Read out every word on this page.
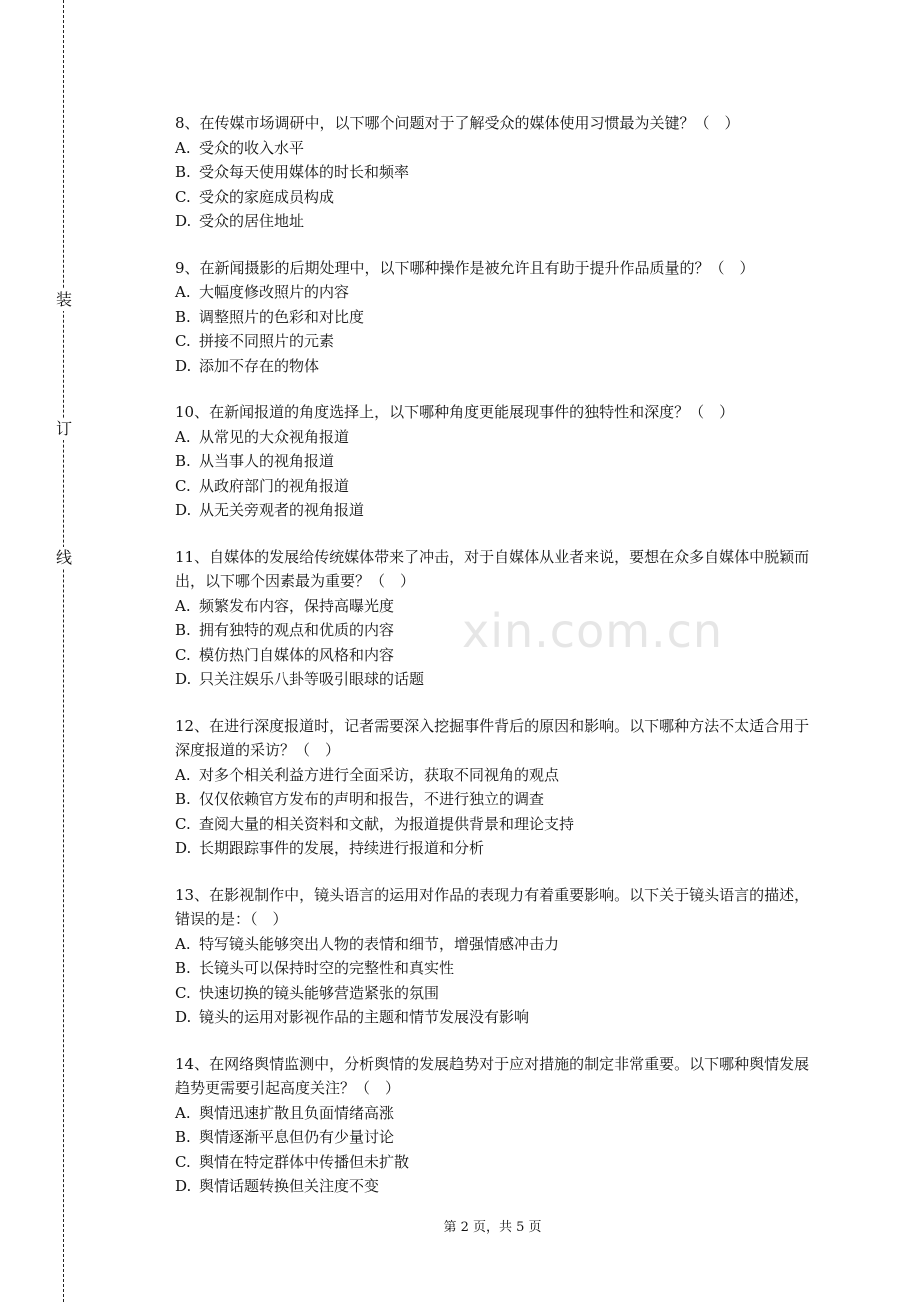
装
订
线
xin.com.cn
8、在传媒市场调研中，以下哪个问题对于了解受众的媒体使用习惯最为关键？（　）
A. 受众的收入水平
B. 受众每天使用媒体的时长和频率
C. 受众的家庭成员构成
D. 受众的居住地址
9、在新闻摄影的后期处理中，以下哪种操作是被允许且有助于提升作品质量的？（　）
A. 大幅度修改照片的内容
B. 调整照片的色彩和对比度
C. 拼接不同照片的元素
D. 添加不存在的物体
10、在新闻报道的角度选择上，以下哪种角度更能展现事件的独特性和深度？（　）
A. 从常见的大众视角报道
B. 从当事人的视角报道
C. 从政府部门的视角报道
D. 从无关旁观者的视角报道
11、自媒体的发展给传统媒体带来了冲击，对于自媒体从业者来说，要想在众多自媒体中脱颖而出，以下哪个因素最为重要？（　）
A. 频繁发布内容，保持高曝光度
B. 拥有独特的观点和优质的内容
C. 模仿热门自媒体的风格和内容
D. 只关注娱乐八卦等吸引眼球的话题
12、在进行深度报道时，记者需要深入挖掘事件背后的原因和影响。以下哪种方法不太适合用于深度报道的采访？（　）
A. 对多个相关利益方进行全面采访，获取不同视角的观点
B. 仅仅依赖官方发布的声明和报告，不进行独立的调查
C. 查阅大量的相关资料和文献，为报道提供背景和理论支持
D. 长期跟踪事件的发展，持续进行报道和分析
13、在影视制作中，镜头语言的运用对作品的表现力有着重要影响。以下关于镜头语言的描述，错误的是：（　）
A. 特写镜头能够突出人物的表情和细节，增强情感冲击力
B. 长镜头可以保持时空的完整性和真实性
C. 快速切换的镜头能够营造紧张的氛围
D. 镜头的运用对影视作品的主题和情节发展没有影响
14、在网络舆情监测中，分析舆情的发展趋势对于应对措施的制定非常重要。以下哪种舆情发展趋势更需要引起高度关注？（　）
A. 舆情迅速扩散且负面情绪高涨
B. 舆情逐渐平息但仍有少量讨论
C. 舆情在特定群体中传播但未扩散
D. 舆情话题转换但关注度不变
第 2 页，共 5 页
